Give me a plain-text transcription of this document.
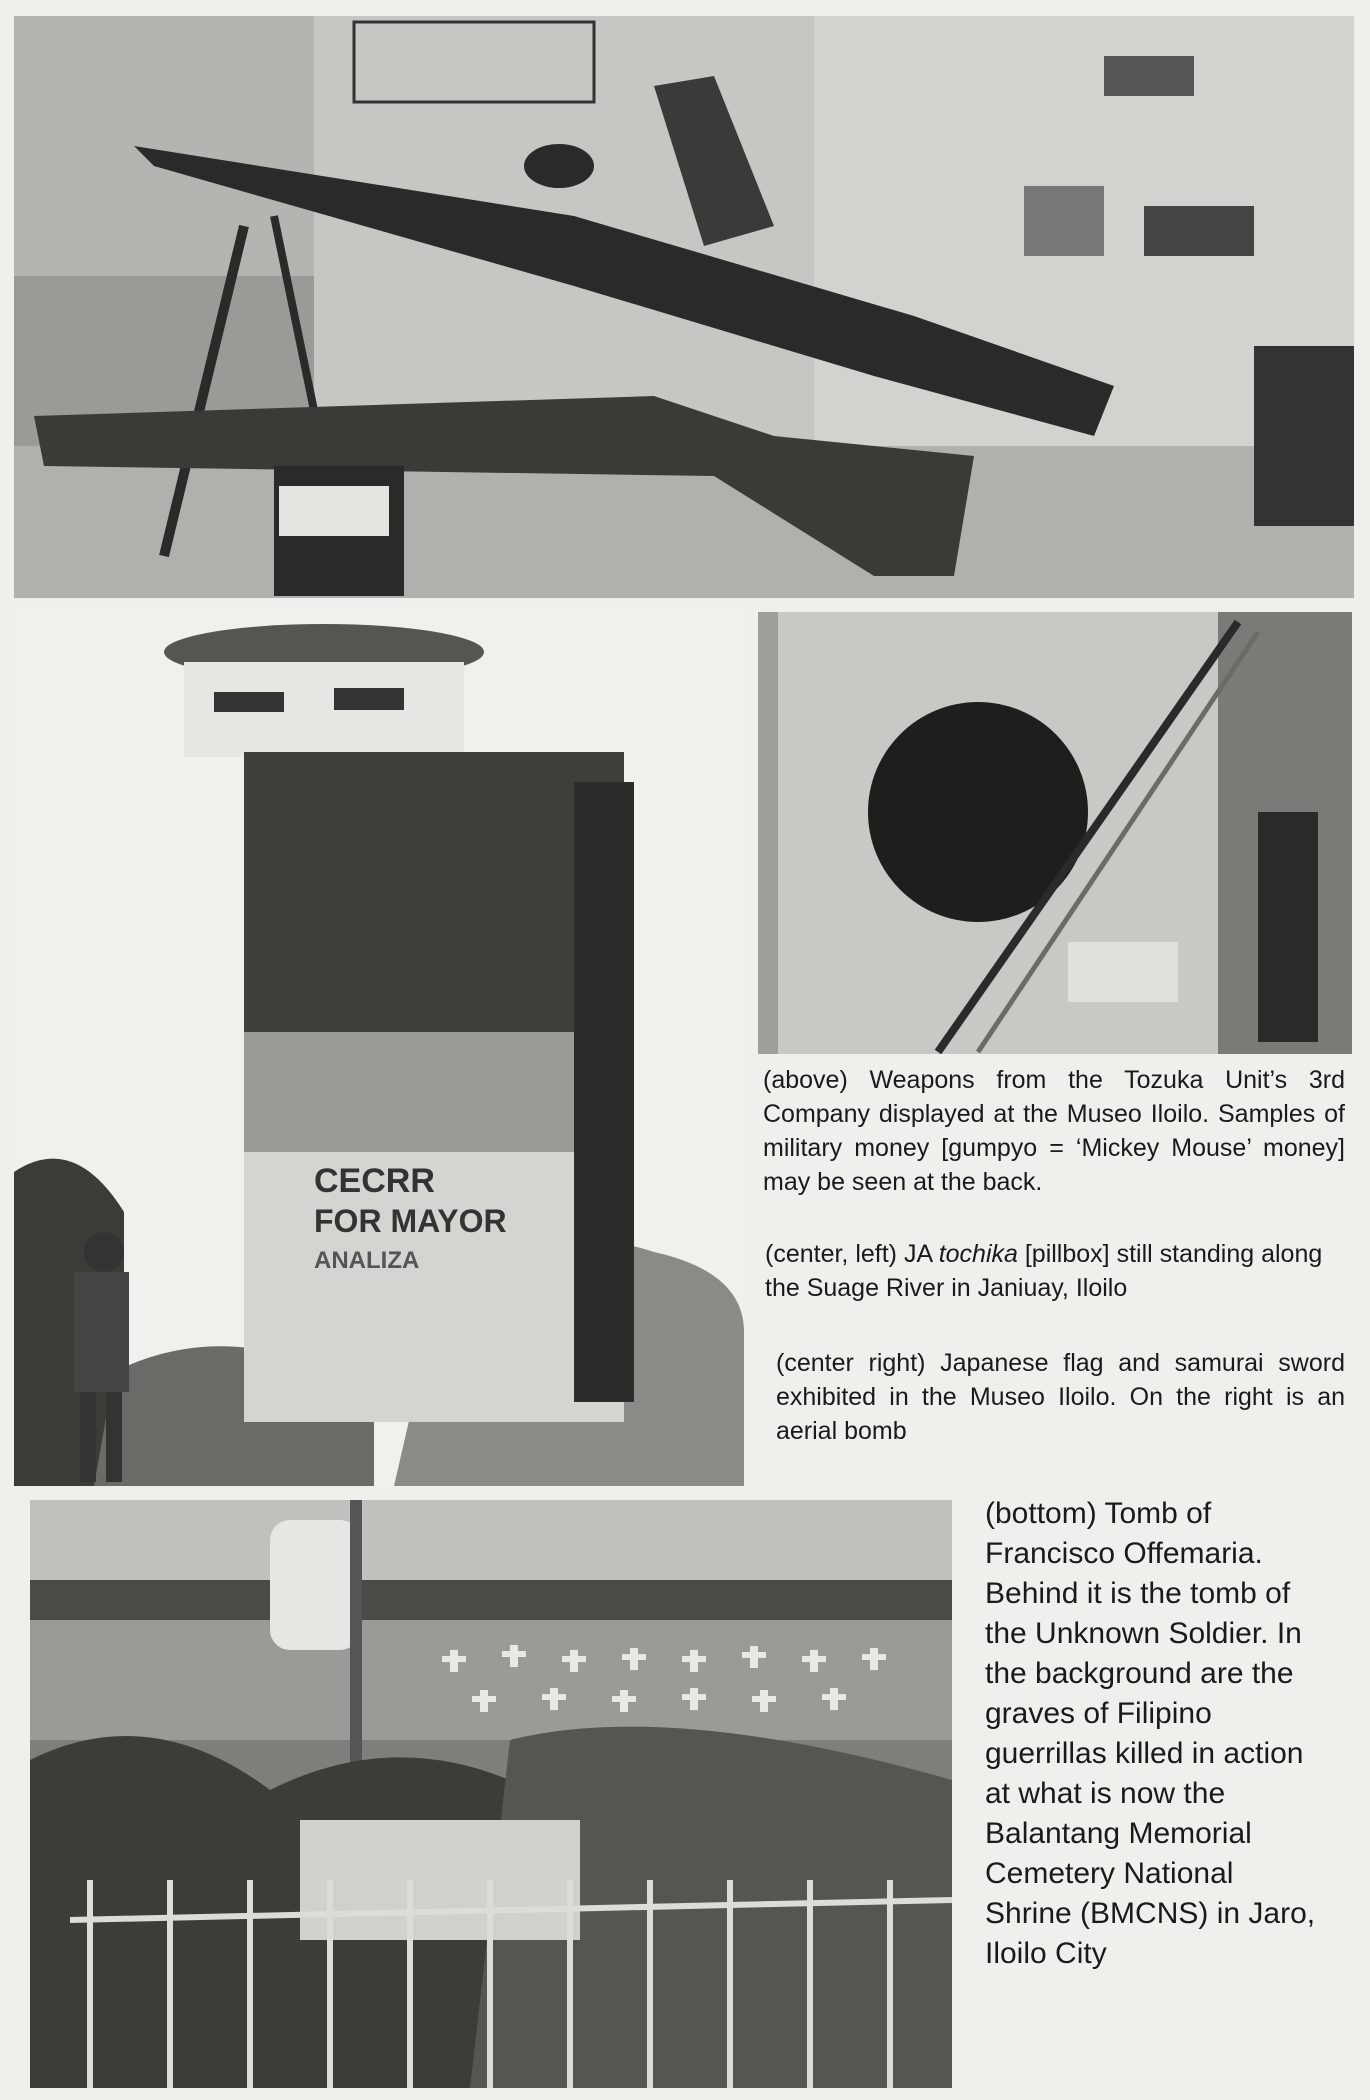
CECRR
FOR MAYOR
ANALIZA

(above) Weapons from the Tozuka Unit’s 3rd Company displayed at the Museo Iloilo. Samples of military money [gumpyo = ‘Mickey Mouse’ money] may be seen at the back.

(center, left) JA tochika [pillbox] still standing along the Suage River in Janiuay, Iloilo

(center right) Japanese flag and samurai sword exhibited in the Museo Iloilo. On the right is an aerial bomb

(bottom) Tomb of Francisco Offemaria. Behind it is the tomb of the Unknown Soldier. In the background are the graves of Filipino guerrillas killed in action at what is now the Balantang Memorial Cemetery National Shrine (BMCNS) in Jaro, Iloilo City
